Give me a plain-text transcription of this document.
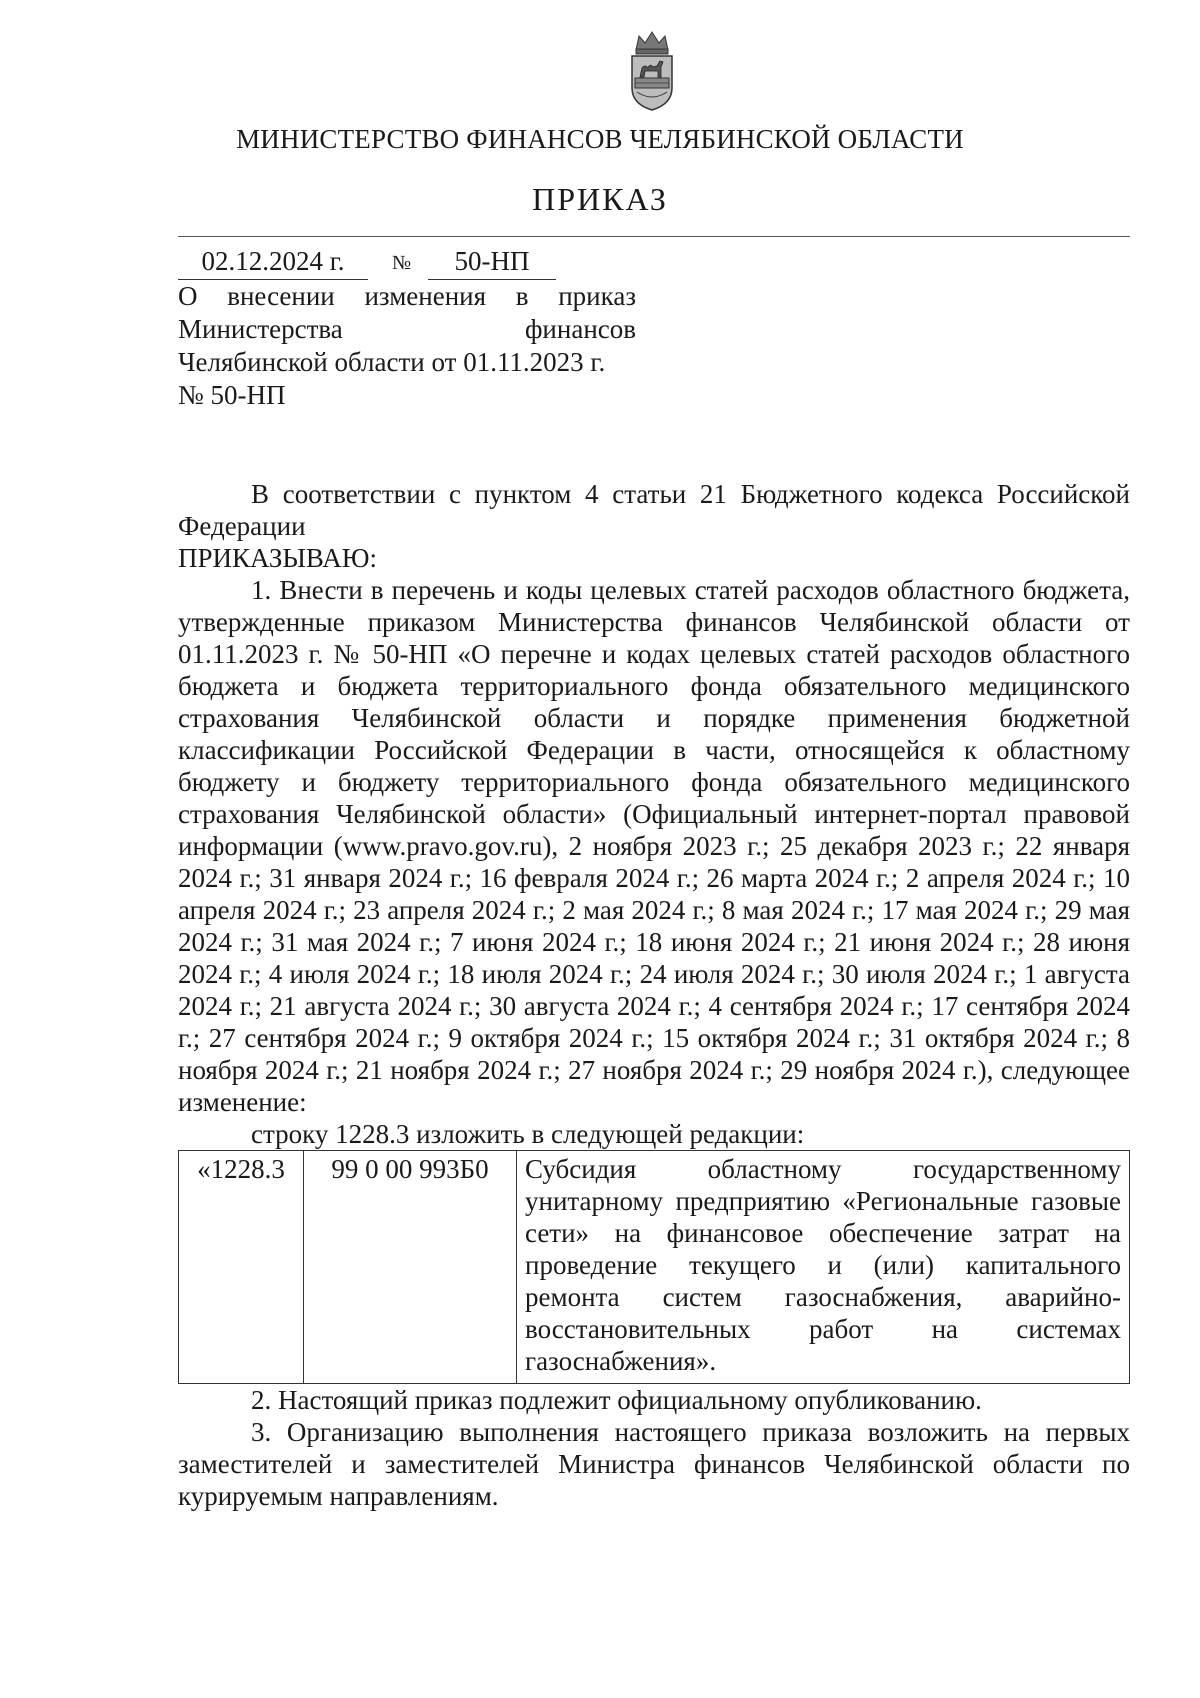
МИНИСТЕРСТВО ФИНАНСОВ ЧЕЛЯБИНСКОЙ ОБЛАСТИ
ПРИКАЗ
02.12.2024 г.	№	50-НП
О внесении изменения в приказ
Министерства финансов
Челябинской области от 01.11.2023 г.
№ 50-НП

В соответствии с пунктом 4 статьи 21 Бюджетного кодекса Российской Федерации

ПРИКАЗЫВАЮ:

1. Внести в перечень и коды целевых статей расходов областного бюджета, утвержденные приказом Министерства финансов Челябинской области от 01.11.2023 г. № 50-НП «О перечне и кодах целевых статей расходов областного бюджета и бюджета территориального фонда обязательного медицинского страхования Челябинской области и порядке применения бюджетной классификации Российской Федерации в части, относящейся к областному бюджету и бюджету территориального фонда обязательного медицинского страхования Челябинской области» (Официальный интернет-портал правовой информации (www.pravo.gov.ru), 2 ноября 2023 г.; 25 декабря 2023 г.; 22 января 2024 г.; 31 января 2024 г.; 16 февраля 2024 г.; 26 марта 2024 г.; 2 апреля 2024 г.; 10 апреля 2024 г.; 23 апреля 2024 г.; 2 мая 2024 г.; 8 мая 2024 г.; 17 мая 2024 г.; 29 мая 2024 г.; 31 мая 2024 г.; 7 июня 2024 г.; 18 июня 2024 г.; 21 июня 2024 г.; 28 июня 2024 г.; 4 июля 2024 г.; 18 июля 2024 г.; 24 июля 2024 г.; 30 июля 2024 г.; 1 августа 2024 г.; 21 августа 2024 г.; 30 августа 2024 г.; 4 сентября 2024 г.; 17 сентября 2024 г.; 27 сентября 2024 г.; 9 октября 2024 г.; 15 октября 2024 г.; 31 октября 2024 г.; 8 ноября 2024 г.; 21 ноября 2024 г.; 27 ноября 2024 г.; 29 ноября 2024 г.), следующее изменение:

строку 1228.3 изложить в следующей редакции:

«1228.3	99 0 00 993Б0	Субсидия областному государственному унитарному предприятию «Региональные газовые сети» на финансовое обеспечение затрат на проведение текущего и (или) капитального ремонта систем газоснабжения, аварийно-восстановительных работ на системах газоснабжения».

2. Настоящий приказ подлежит официальному опубликованию.

3. Организацию выполнения настоящего приказа возложить на первых заместителей и заместителей Министра финансов Челябинской области по курируемым направлениям.
